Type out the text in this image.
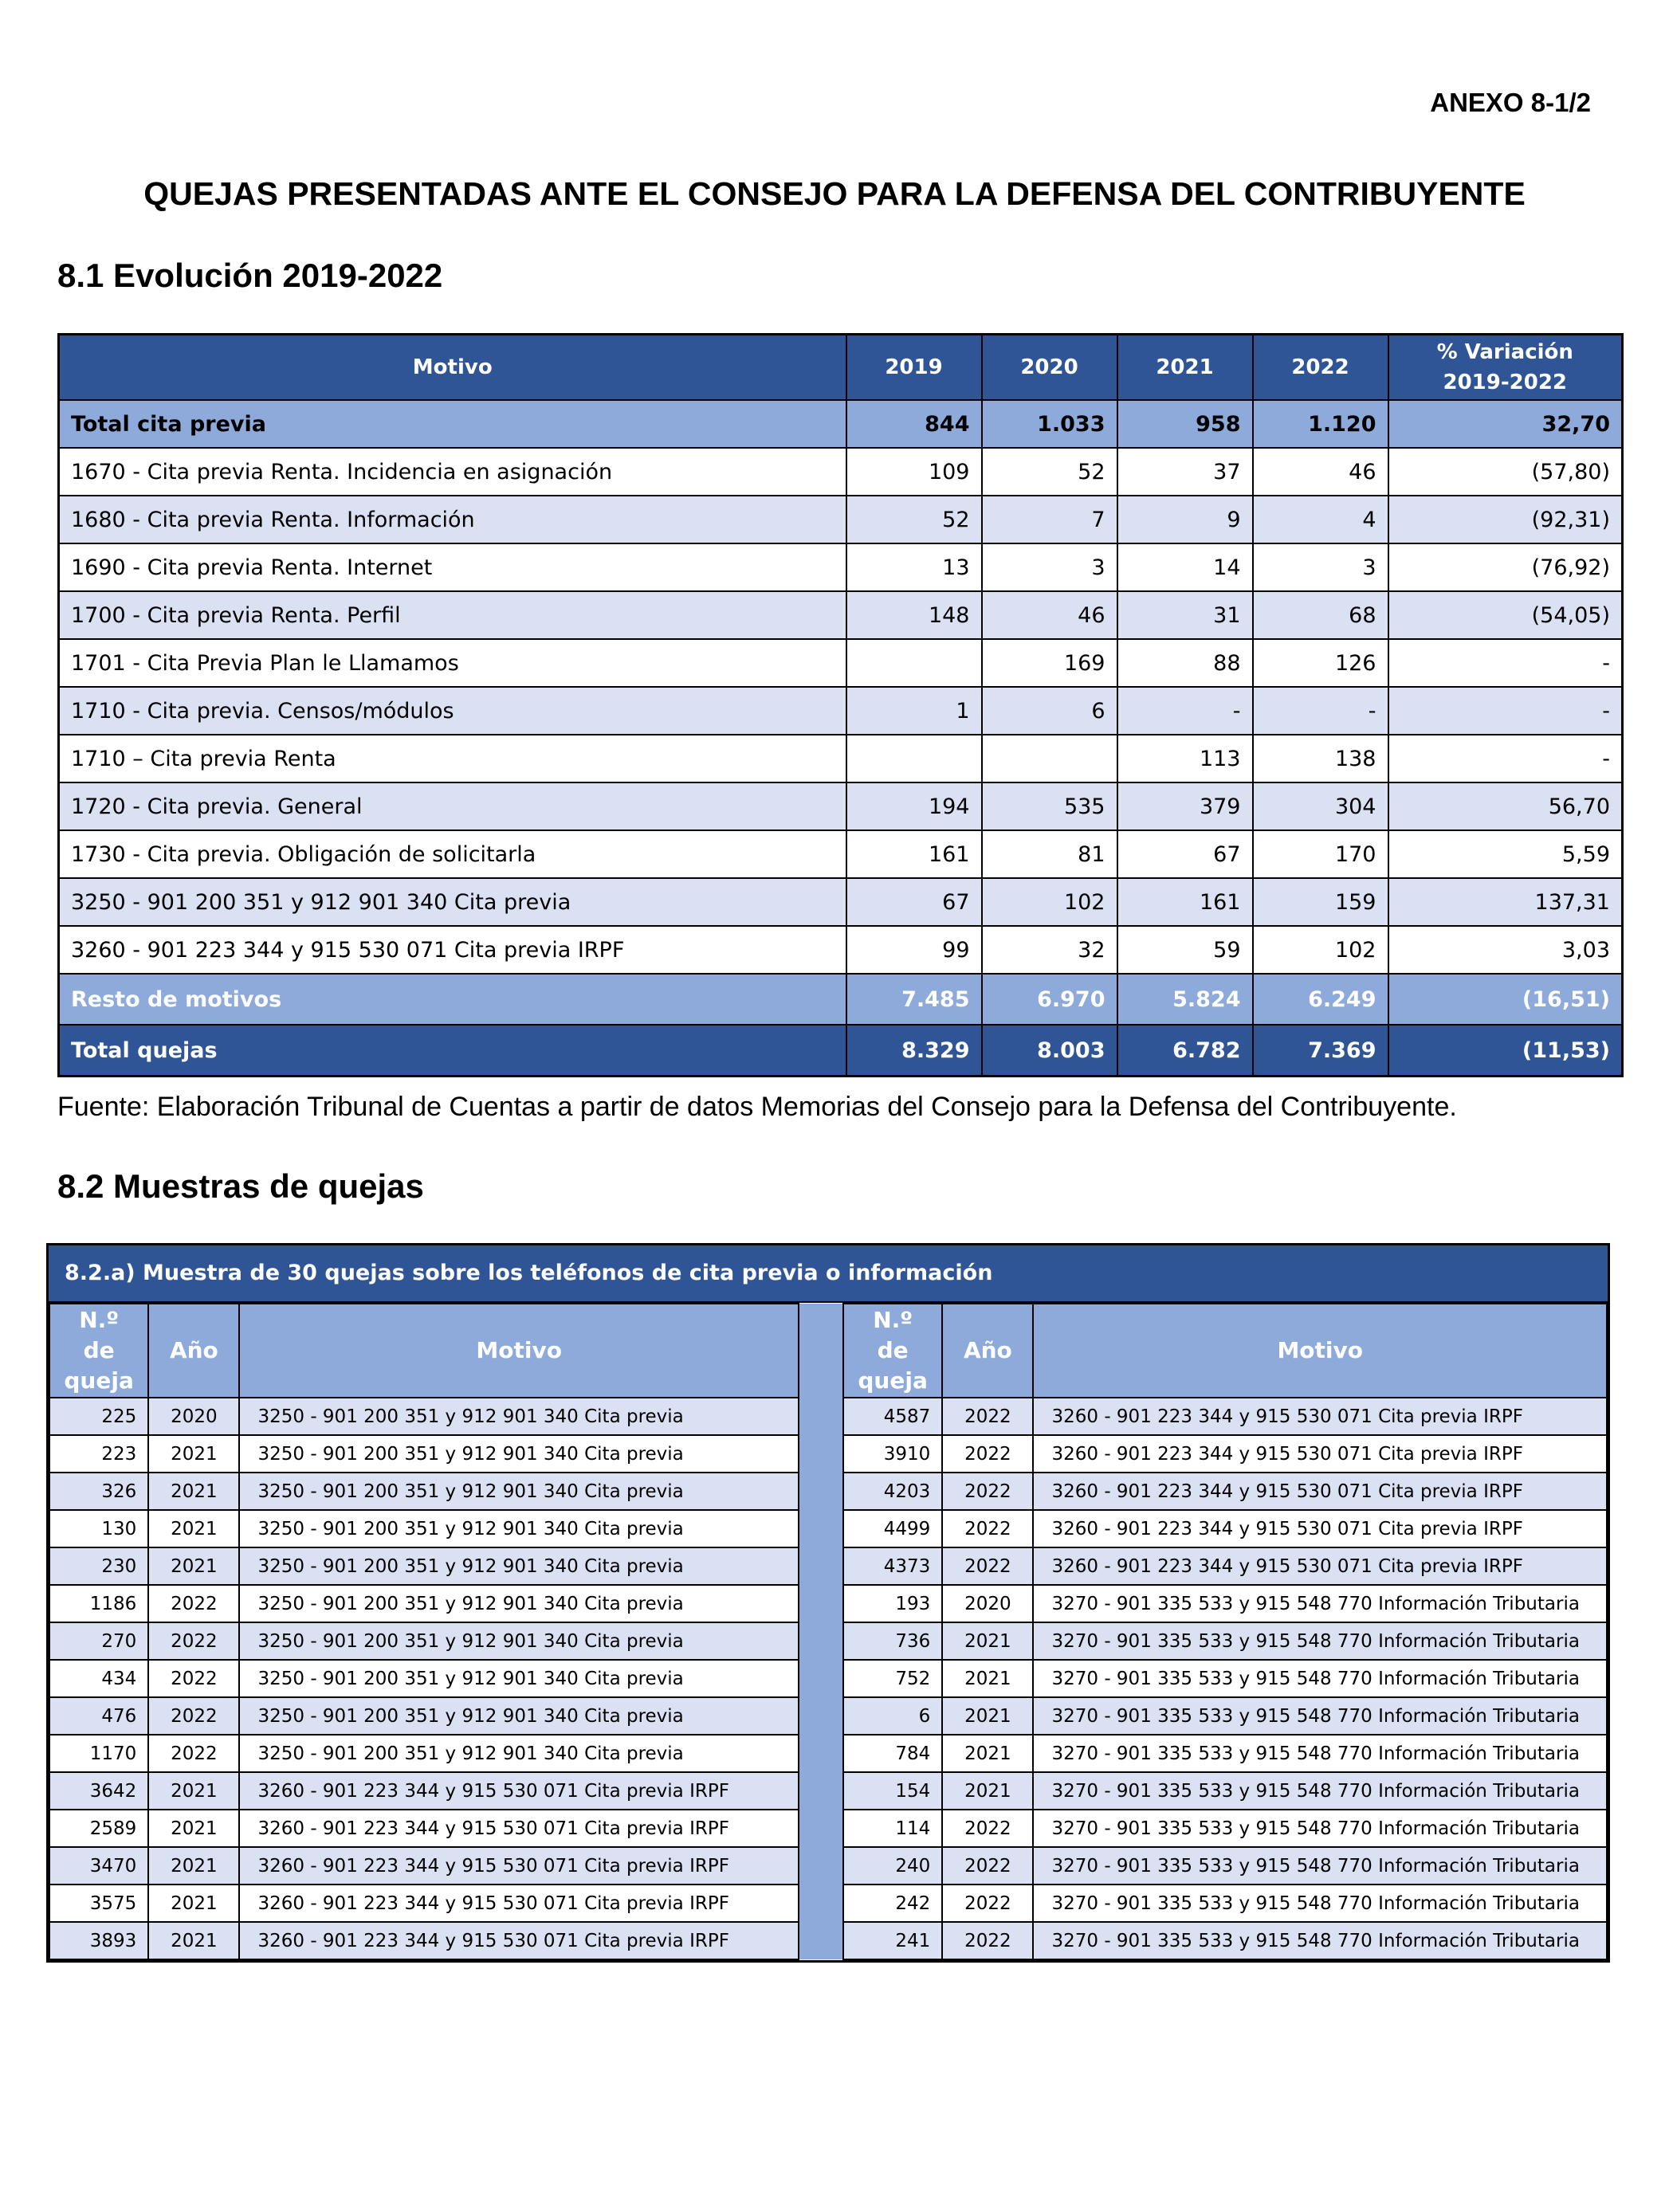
ANEXO 8-1/2
QUEJAS PRESENTADAS ANTE EL CONSEJO PARA LA DEFENSA DEL CONTRIBUYENTE
8.1 Evolución 2019-2022
Motivo	2019	2020	2021	2022	% Variación
2019-2022
Total cita previa	844	1.033	958	1.120	32,70
1670 - Cita previa Renta. Incidencia en asignación	109	52	37	46	(57,80)
1680 - Cita previa Renta. Información	52	7	9	4	(92,31)
1690 - Cita previa Renta. Internet	13	3	14	3	(76,92)
1700 - Cita previa Renta. Perfil	148	46	31	68	(54,05)
1701 - Cita Previa Plan le Llamamos		169	88	126	-
1710 - Cita previa. Censos/módulos	1	6	-	-	-
1710 – Cita previa Renta			113	138	-
1720 - Cita previa. General	194	535	379	304	56,70
1730 - Cita previa. Obligación de solicitarla	161	81	67	170	5,59
3250 - 901 200 351 y 912 901 340 Cita previa	67	102	161	159	137,31
3260 - 901 223 344 y 915 530 071 Cita previa IRPF	99	32	59	102	3,03
Resto de motivos	7.485	6.970	5.824	6.249	(16,51)
Total quejas	8.329	8.003	6.782	7.369	(11,53)
Fuente: Elaboración Tribunal de Cuentas a partir de datos Memorias del Consejo para la Defensa del Contribuyente.
8.2 Muestras de quejas
8.2.a) Muestra de 30 quejas sobre los teléfonos de cita previa o información
N.º
de
queja	Año	Motivo		N.º
de
queja	Año	Motivo
225	2020	3250 - 901 200 351 y 912 901 340 Cita previa		4587	2022	3260 - 901 223 344 y 915 530 071 Cita previa IRPF
223	2021	3250 - 901 200 351 y 912 901 340 Cita previa		3910	2022	3260 - 901 223 344 y 915 530 071 Cita previa IRPF
326	2021	3250 - 901 200 351 y 912 901 340 Cita previa		4203	2022	3260 - 901 223 344 y 915 530 071 Cita previa IRPF
130	2021	3250 - 901 200 351 y 912 901 340 Cita previa		4499	2022	3260 - 901 223 344 y 915 530 071 Cita previa IRPF
230	2021	3250 - 901 200 351 y 912 901 340 Cita previa		4373	2022	3260 - 901 223 344 y 915 530 071 Cita previa IRPF
1186	2022	3250 - 901 200 351 y 912 901 340 Cita previa		193	2020	3270 - 901 335 533 y 915 548 770 Información Tributaria
270	2022	3250 - 901 200 351 y 912 901 340 Cita previa		736	2021	3270 - 901 335 533 y 915 548 770 Información Tributaria
434	2022	3250 - 901 200 351 y 912 901 340 Cita previa		752	2021	3270 - 901 335 533 y 915 548 770 Información Tributaria
476	2022	3250 - 901 200 351 y 912 901 340 Cita previa		6	2021	3270 - 901 335 533 y 915 548 770 Información Tributaria
1170	2022	3250 - 901 200 351 y 912 901 340 Cita previa		784	2021	3270 - 901 335 533 y 915 548 770 Información Tributaria
3642	2021	3260 - 901 223 344 y 915 530 071 Cita previa IRPF		154	2021	3270 - 901 335 533 y 915 548 770 Información Tributaria
2589	2021	3260 - 901 223 344 y 915 530 071 Cita previa IRPF		114	2022	3270 - 901 335 533 y 915 548 770 Información Tributaria
3470	2021	3260 - 901 223 344 y 915 530 071 Cita previa IRPF		240	2022	3270 - 901 335 533 y 915 548 770 Información Tributaria
3575	2021	3260 - 901 223 344 y 915 530 071 Cita previa IRPF		242	2022	3270 - 901 335 533 y 915 548 770 Información Tributaria
3893	2021	3260 - 901 223 344 y 915 530 071 Cita previa IRPF		241	2022	3270 - 901 335 533 y 915 548 770 Información Tributaria
